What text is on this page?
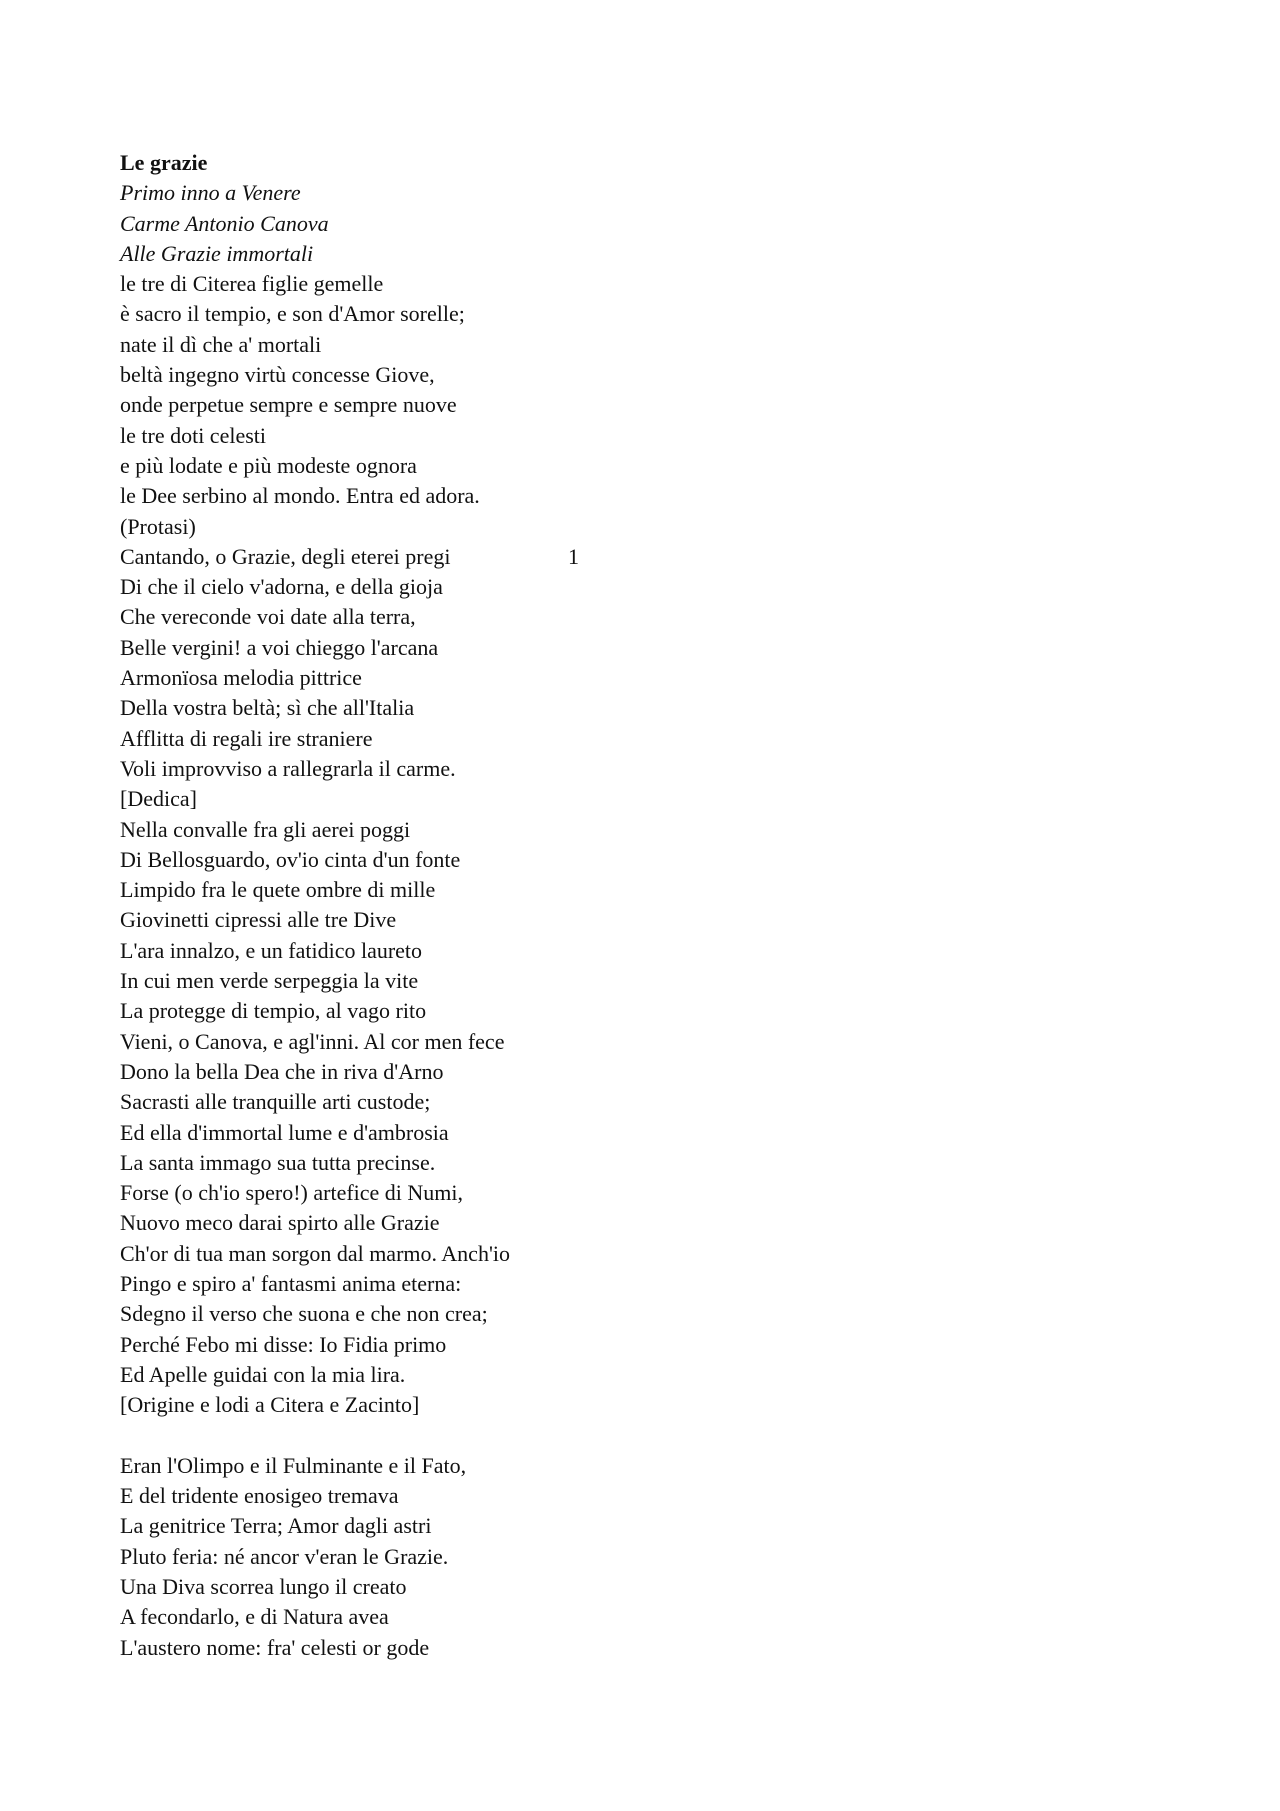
Le grazie
Primo inno a Venere
Carme Antonio Canova
Alle Grazie immortali
le tre di Citerea figlie gemelle
è sacro il tempio, e son d'Amor sorelle;
nate il dì che a' mortali
beltà ingegno virtù concesse Giove,
onde perpetue sempre e sempre nuove
le tre doti celesti
e più lodate e più modeste ognora
le Dee serbino al mondo. Entra ed adora.
(Protasi)
Cantando, o Grazie, degli eterei pregi	1
Di che il cielo v'adorna, e della gioja
Che vereconde voi date alla terra,
Belle vergini! a voi chieggo l'arcana
Armonïosa melodia pittrice
Della vostra beltà; sì che all'Italia
Afflitta di regali ire straniere
Voli improvviso a rallegrarla il carme.
[Dedica]
Nella convalle fra gli aerei poggi
Di Bellosguardo, ov'io cinta d'un fonte
Limpido fra le quete ombre di mille
Giovinetti cipressi alle tre Dive
L'ara innalzo, e un fatidico laureto
In cui men verde serpeggia la vite
La protegge di tempio, al vago rito
Vieni, o Canova, e agl'inni. Al cor men fece
Dono la bella Dea che in riva d'Arno
Sacrasti alle tranquille arti custode;
Ed ella d'immortal lume e d'ambrosia
La santa immago sua tutta precinse.
Forse (o ch'io spero!) artefice di Numi,
Nuovo meco darai spirto alle Grazie
Ch'or di tua man sorgon dal marmo. Anch'io
Pingo e spiro a' fantasmi anima eterna:
Sdegno il verso che suona e che non crea;
Perché Febo mi disse: Io Fidia primo
Ed Apelle guidai con la mia lira.
[Origine e lodi a Citera e Zacinto]
Eran l'Olimpo e il Fulminante e il Fato,
E del tridente enosigeo tremava
La genitrice Terra; Amor dagli astri
Pluto feria: né ancor v'eran le Grazie.
Una Diva scorrea lungo il creato
A fecondarlo, e di Natura avea
L'austero nome: fra' celesti or gode
